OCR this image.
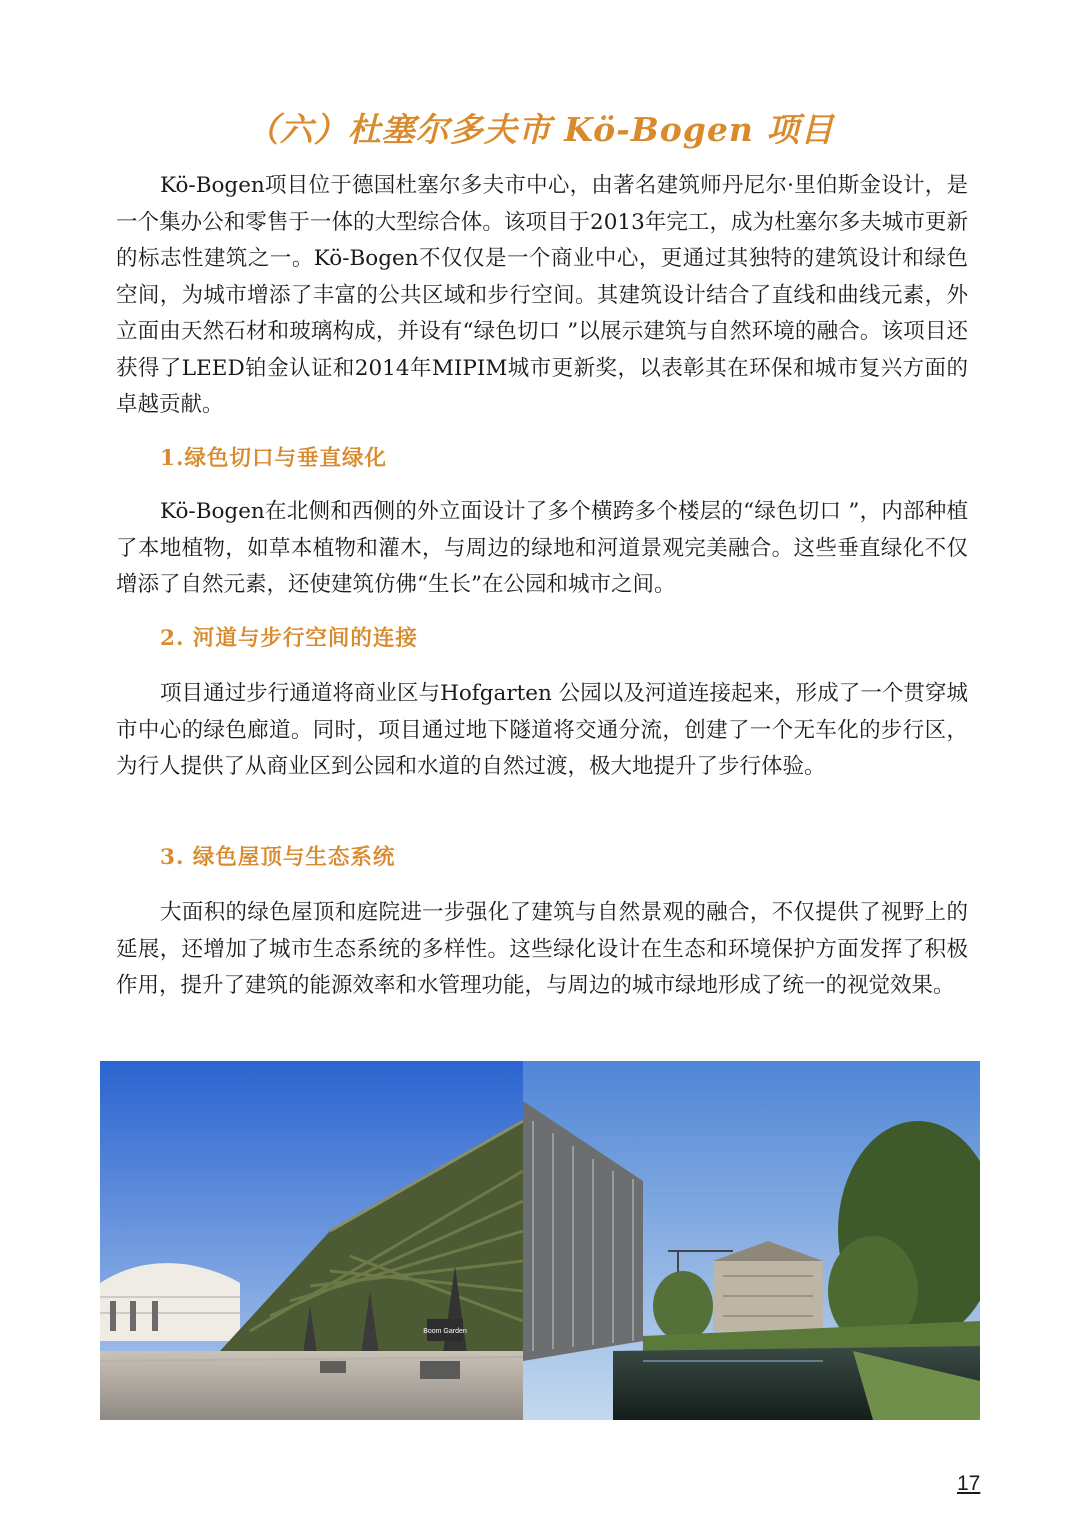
（六）杜塞尔多夫市 Kö-Bogen 项目

Kö-Bogen项目位于德国杜塞尔多夫市中心，由著名建筑师丹尼尔·里伯斯金设计，是一个集办公和零售于一体的大型综合体。该项目于2013年完工，成为杜塞尔多夫城市更新的标志性建筑之一。Kö-Bogen不仅仅是一个商业中心，更通过其独特的建筑设计和绿色空间，为城市增添了丰富的公共区域和步行空间。其建筑设计结合了直线和曲线元素，外立面由天然石材和玻璃构成，并设有“绿色切口 ”以展示建筑与自然环境的融合。该项目还获得了LEED铂金认证和2014年MIPIM城市更新奖，以表彰其在环保和城市复兴方面的卓越贡献。

1.绿色切口与垂直绿化

Kö-Bogen在北侧和西侧的外立面设计了多个横跨多个楼层的“绿色切口 ”，内部种植了本地植物，如草本植物和灌木，与周边的绿地和河道景观完美融合。这些垂直绿化不仅增添了自然元素，还使建筑仿佛“生长”在公园和城市之间。

2. 河道与步行空间的连接

项目通过步行通道将商业区与Hofgarten 公园以及河道连接起来，形成了一个贯穿城市中心的绿色廊道。同时，项目通过地下隧道将交通分流，创建了一个无车化的步行区，为行人提供了从商业区到公园和水道的自然过渡，极大地提升了步行体验。

3. 绿色屋顶与生态系统

大面积的绿色屋顶和庭院进一步强化了建筑与自然景观的融合，不仅提供了视野上的延展，还增加了城市生态系统的多样性。这些绿化设计在生态和环境保护方面发挥了积极作用，提升了建筑的能源效率和水管理功能，与周边的城市绿地形成了统一的视觉效果。

Boom Garden
17
